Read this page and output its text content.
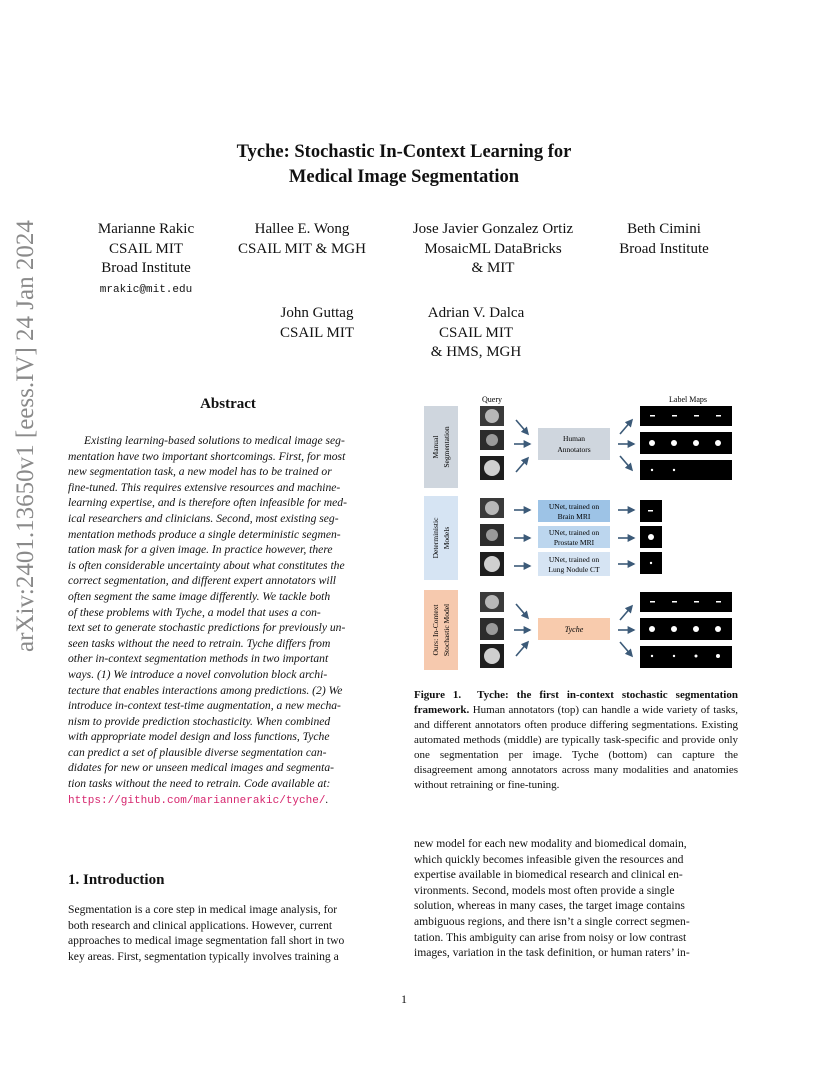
arXiv:2401.13650v1 [eess.IV] 24 Jan 2024
Tyche: Stochastic In-Context Learning for
Medical Image Segmentation
Marianne Rakic
CSAIL MIT
Broad Institute
mrakic@mit.edu
Hallee E. Wong
CSAIL MIT & MGH
Jose Javier Gonzalez Ortiz
MosaicML DataBricks
& MIT
Beth Cimini
Broad Institute
John Guttag
CSAIL MIT
Adrian V. Dalca
CSAIL MIT
& HMS, MGH
Abstract
Existing learning-based solutions to medical image seg-
mentation have two important shortcomings. First, for most
new segmentation task, a new model has to be trained or
fine-tuned. This requires extensive resources and machine-
learning expertise, and is therefore often infeasible for med-
ical researchers and clinicians. Second, most existing seg-
mentation methods produce a single deterministic segmen-
tation mask for a given image. In practice however, there
is often considerable uncertainty about what constitutes the
correct segmentation, and different expert annotators will
often segment the same image differently. We tackle both
of these problems with Tyche, a model that uses a con-
text set to generate stochastic predictions for previously un-
seen tasks without the need to retrain. Tyche differs from
other in-context segmentation methods in two important
ways. (1) We introduce a novel convolution block archi-
tecture that enables interactions among predictions. (2) We
introduce in-context test-time augmentation, a new mecha-
nism to provide prediction stochasticity. When combined
with appropriate model design and loss functions, Tyche
can predict a set of plausible diverse segmentation can-
didates for new or unseen medical images and segmenta-
tion tasks without the need to retrain. Code available at:
https://github.com/mariannerakic/tyche/.
1. Introduction
Segmentation is a core step in medical image analysis, for
both research and clinical applications. However, current
approaches to medical image segmentation fall short in two
key areas. First, segmentation typically involves training a
new model for each new modality and biomedical domain,
which quickly becomes infeasible given the resources and
expertise available in biomedical research and clinical en-
vironments. Second, models most often provide a single
solution, whereas in many cases, the target image contains
ambiguous regions, and there isn’t a single correct segmen-
tation. This ambiguity can arise from noisy or low contrast
images, variation in the task definition, or human raters’ in-
Query	Label Maps
Manual Segmentation
Deterministic Models
Ours: In-Context Stochastic Model
Human
Annotators
UNet, trained on
Brain MRI
UNet, trained on
Prostate MRI
UNet, trained on
Lung Nodule CT
Tyche
Figure 1. Tyche: the first in-context stochastic segmentation framework. Human annotators (top) can handle a wide variety of tasks, and different annotators often produce differing segmentations. Existing automated methods (middle) are typically task-specific and provide only one segmentation per image. Tyche (bottom) can capture the disagreement among annotators across many modalities and anatomies without retraining or fine-tuning.
1
